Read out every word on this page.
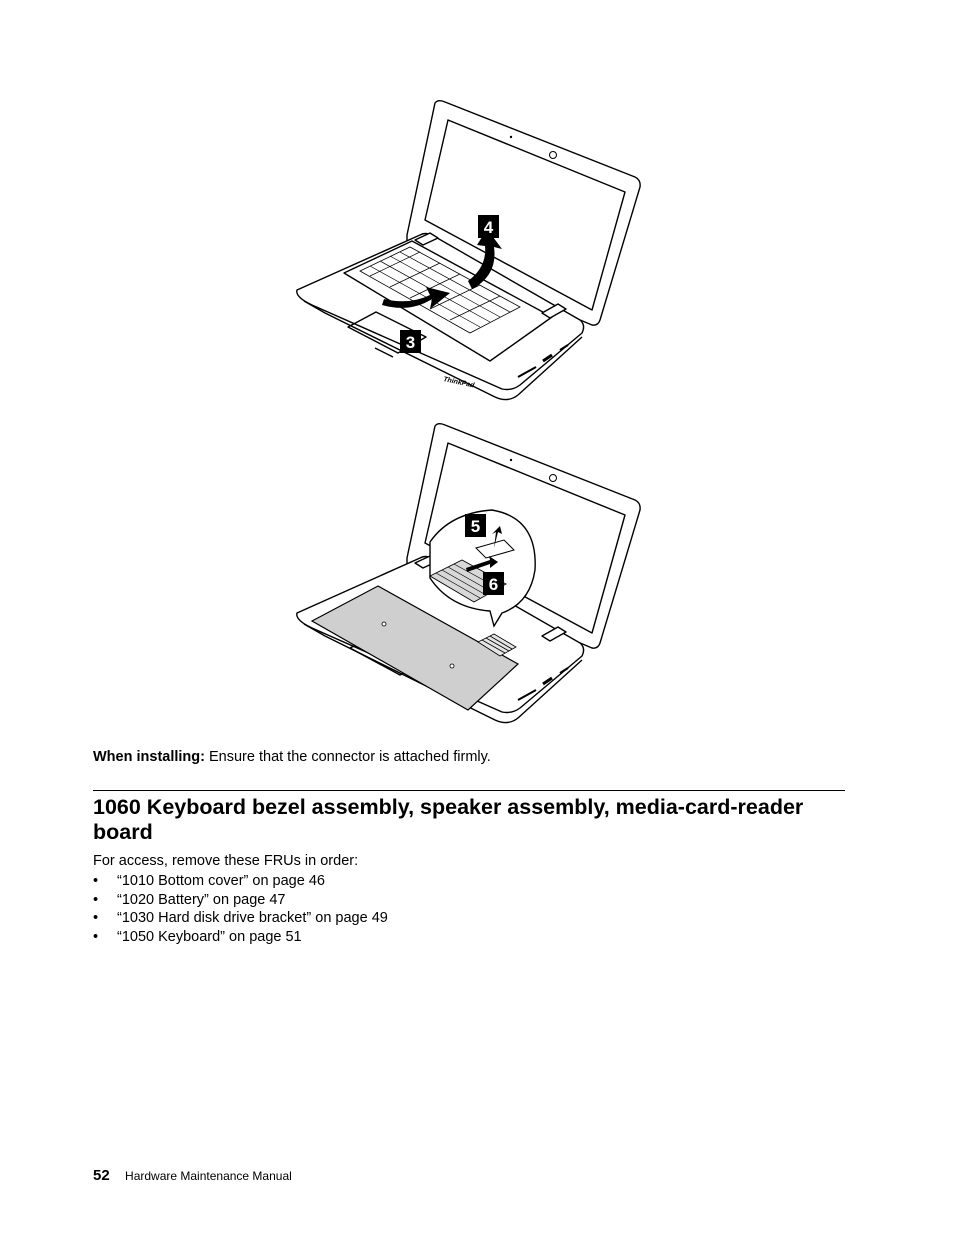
ThinkPad
4
3
5
6
When installing: Ensure that the connector is attached firmly.
1060 Keyboard bezel assembly, speaker assembly, media-card-reader board
For access, remove these FRUs in order:
• “1010 Bottom cover” on page 46
• “1020 Battery” on page 47
• “1030 Hard disk drive bracket” on page 49
• “1050 Keyboard” on page 51
52 Hardware Maintenance Manual
